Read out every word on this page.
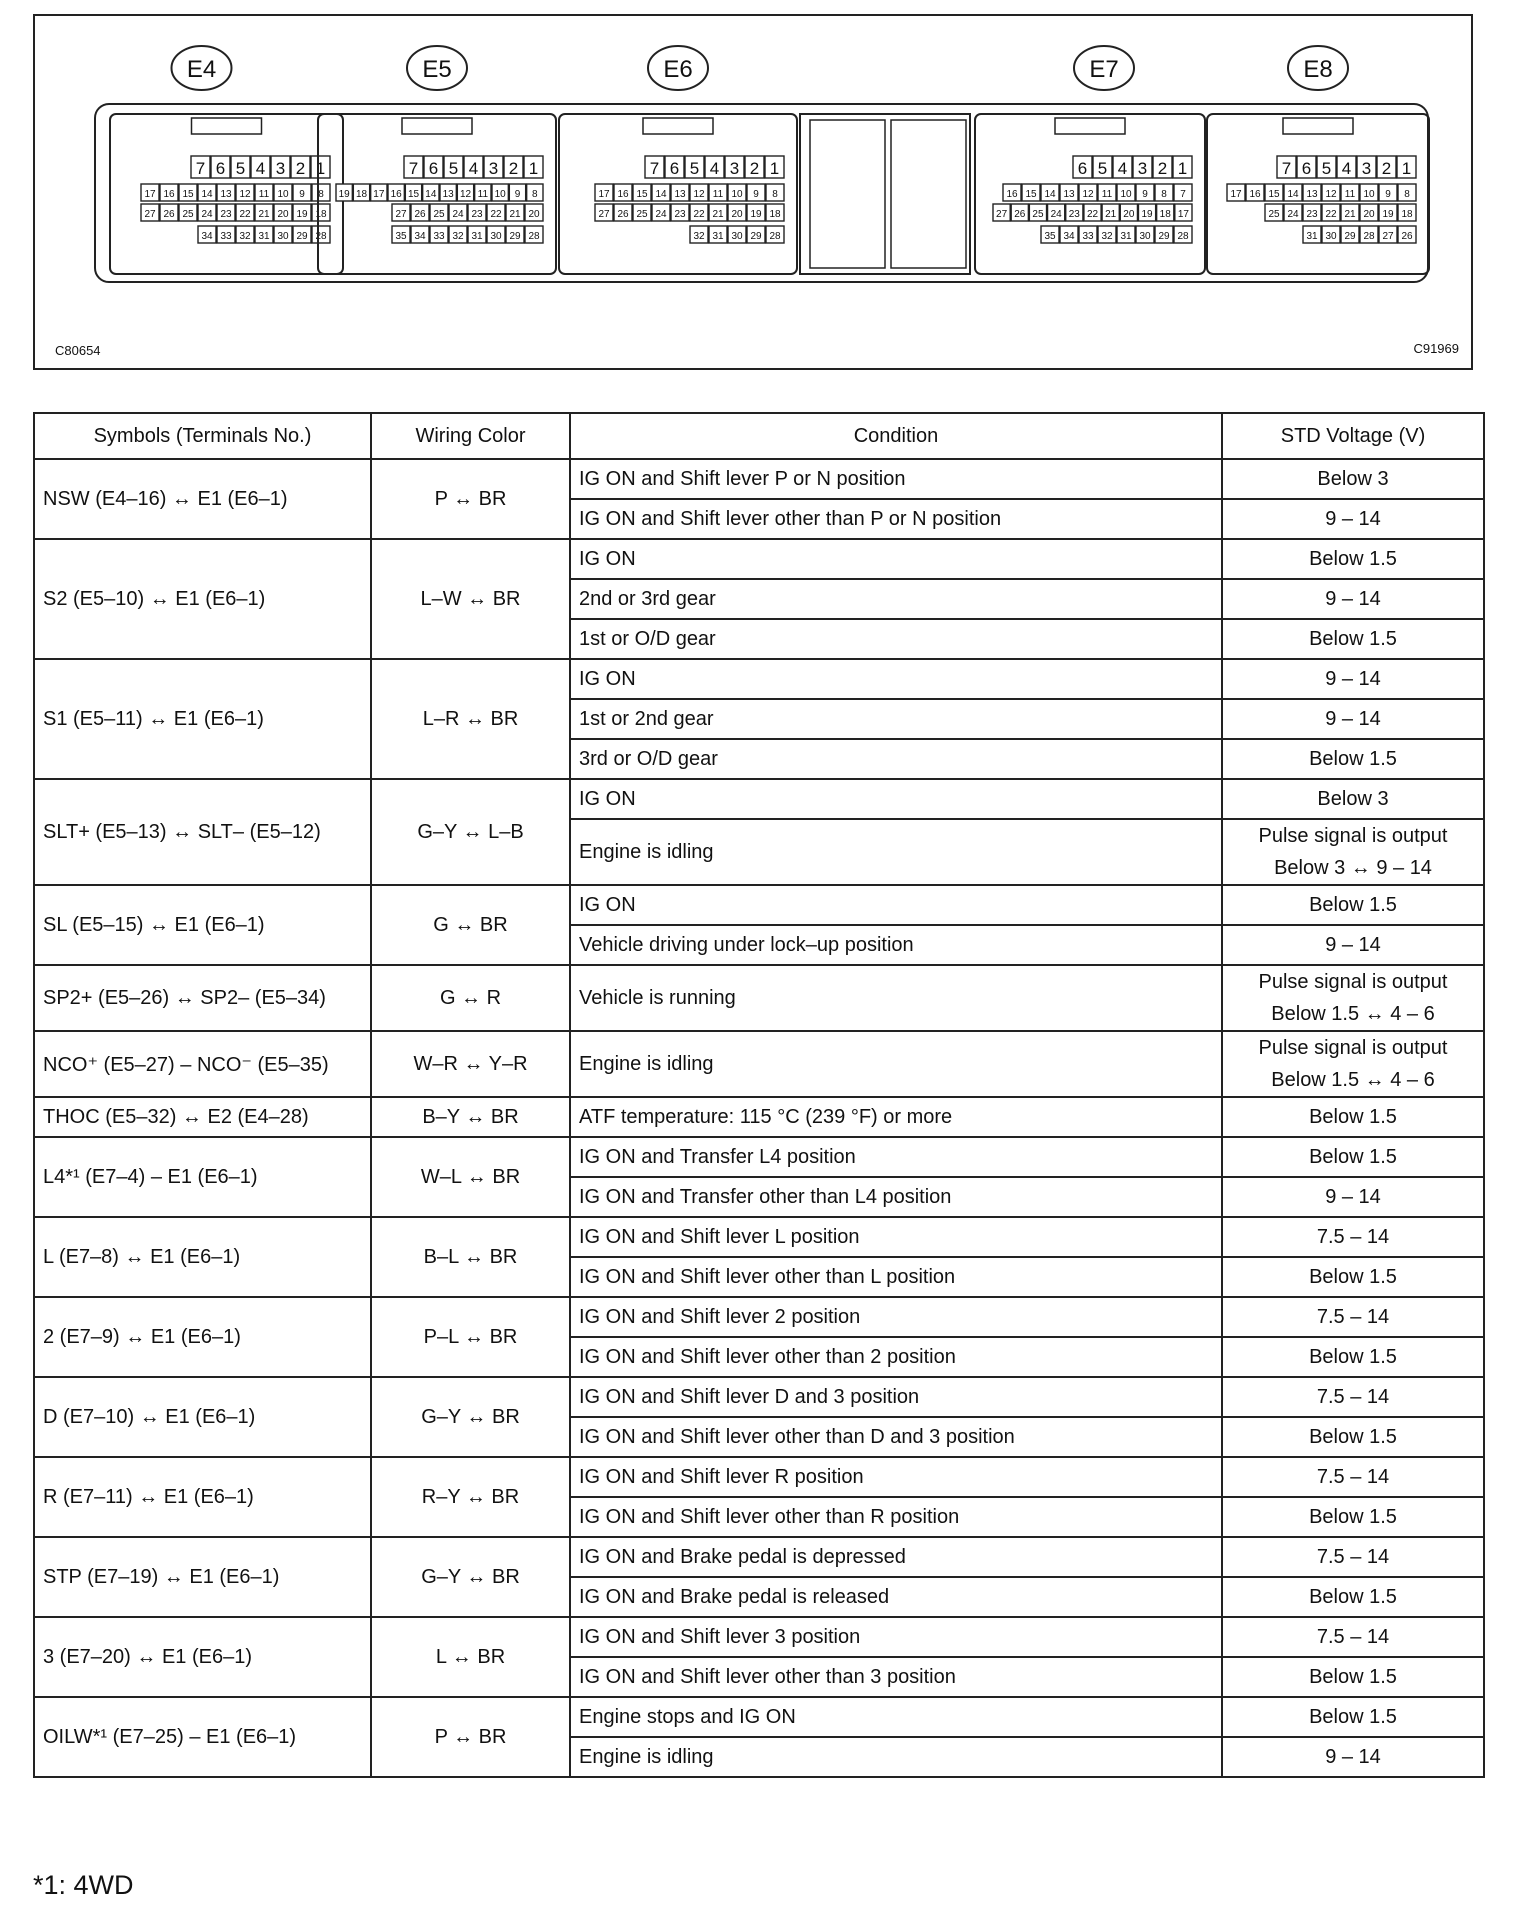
E4
7 6 5 4 3 2 1
17 16 15 14 13 12 11 10 9 8
27 26 25 24 23 22 21 20 19 18
34 33 32 31 30 29 28
E5
7 6 5 4 3 2 1
19 18 17 16 15 14 13 12 11 10 9 8
27 26 25 24 23 22 21 20
35 34 33 32 31 30 29 28
E6
7 6 5 4 3 2 1
17 16 15 14 13 12 11 10 9 8
27 26 25 24 23 22 21 20 19 18
32 31 30 29 28
E7
6 5 4 3 2 1
16 15 14 13 12 11 10 9 8 7
27 26 25 24 23 22 21 20 19 18 17
35 34 33 32 31 30 29 28
E8
7 6 5 4 3 2 1
17 16 15 14 13 12 11 10 9 8
25 24 23 22 21 20 19 18
31 30 29 28 27 26
C80654	C91969
Symbols (Terminals No.)	Wiring Color	Condition	STD Voltage (V)
NSW (E4–16) ↔ E1 (E6–1)	P ↔ BR	IG ON and Shift lever P or N position	Below 3
		IG ON and Shift lever other than P or N position	9 – 14
S2 (E5–10) ↔ E1 (E6–1)	L–W ↔ BR	IG ON	Below 1.5
		2nd or 3rd gear	9 – 14
		1st or O/D gear	Below 1.5
S1 (E5–11) ↔ E1 (E6–1)	L–R ↔ BR	IG ON	9 – 14
		1st or 2nd gear	9 – 14
		3rd or O/D gear	Below 1.5
SLT+ (E5–13) ↔ SLT– (E5–12)	G–Y ↔ L–B	IG ON	Below 3
		Engine is idling	Pulse signal is output
Below 3 ↔ 9 – 14

SL (E5–15) ↔ E1 (E6–1)	G ↔ BR	IG ON	Below 1.5
		Vehicle driving under lock–up position	9 – 14
SP2+ (E5–26) ↔ SP2– (E5–34)	G ↔ R	Vehicle is running	Pulse signal is output
Below 1.5 ↔ 4 – 6

NCO⁺ (E5–27) – NCO⁻ (E5–35)	W–R ↔ Y–R	Engine is idling	Pulse signal is output
Below 1.5 ↔ 4 – 6

THOC (E5–32) ↔ E2 (E4–28)	B–Y ↔ BR	ATF temperature: 115 °C (239 °F) or more	Below 1.5
L4*¹ (E7–4) – E1 (E6–1)	W–L ↔ BR	IG ON and Transfer L4 position	Below 1.5
		IG ON and Transfer other than L4 position	9 – 14
L (E7–8) ↔ E1 (E6–1)	B–L ↔ BR	IG ON and Shift lever L position	7.5 – 14
		IG ON and Shift lever other than L position	Below 1.5
2 (E7–9) ↔ E1 (E6–1)	P–L ↔ BR	IG ON and Shift lever 2 position	7.5 – 14
		IG ON and Shift lever other than 2 position	Below 1.5
D (E7–10) ↔ E1 (E6–1)	G–Y ↔ BR	IG ON and Shift lever D and 3 position	7.5 – 14
		IG ON and Shift lever other than D and 3 position	Below 1.5
R (E7–11) ↔ E1 (E6–1)	R–Y ↔ BR	IG ON and Shift lever R position	7.5 – 14
		IG ON and Shift lever other than R position	Below 1.5
STP (E7–19) ↔ E1 (E6–1)	G–Y ↔ BR	IG ON and Brake pedal is depressed	7.5 – 14
		IG ON and Brake pedal is released	Below 1.5
3 (E7–20) ↔ E1 (E6–1)	L ↔ BR	IG ON and Shift lever 3 position	7.5 – 14
		IG ON and Shift lever other than 3 position	Below 1.5
OILW*¹ (E7–25) – E1 (E6–1)	P ↔ BR	Engine stops and IG ON	Below 1.5
		Engine is idling	9 – 14
*1: 4WD
